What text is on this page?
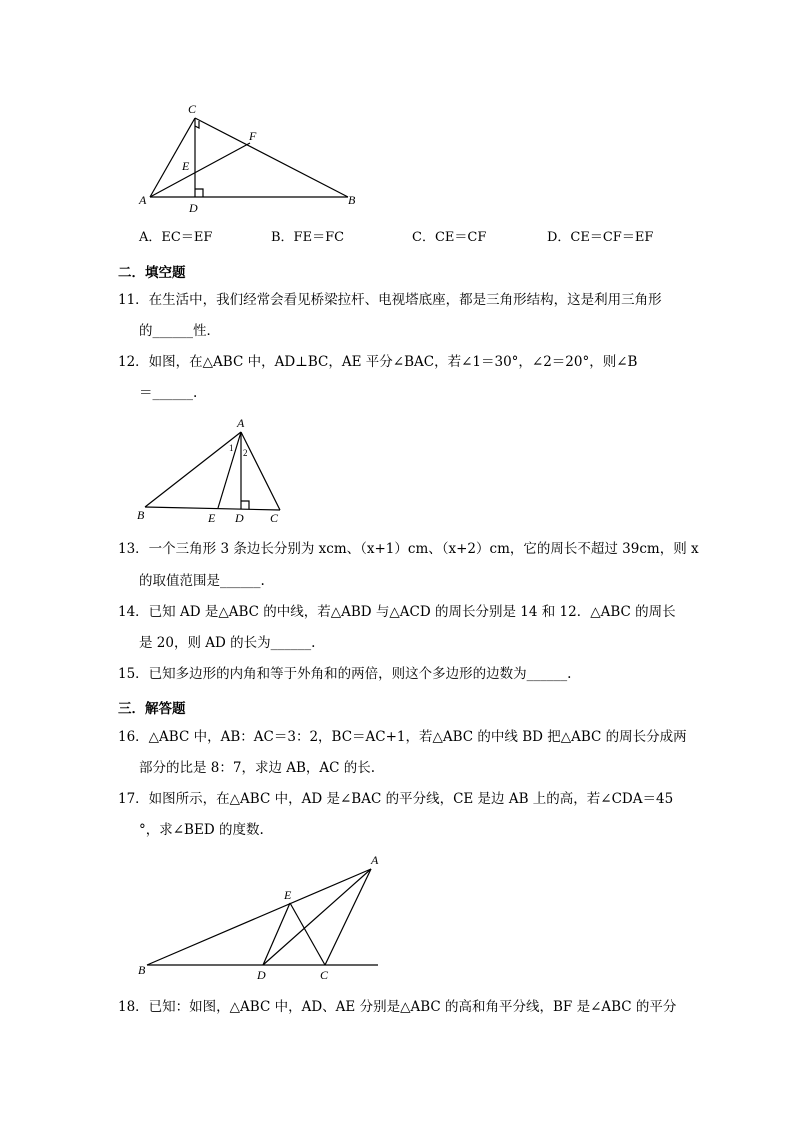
C
F
E
A
D
B
A．EC＝EF	B．FE＝FC	C．CE＝CF	D．CE＝CF＝EF
二．填空题
11．在生活中，我们经常会看见桥梁拉杆、电视塔底座，都是三角形结构，这是利用三角形
的______性．
12．如图，在△ABC 中，AD⊥BC，AE 平分∠BAC，若∠1＝30°，∠2＝20°，则∠B
＝______.
A
1 2
B	E D C
13．一个三角形 3 条边长分别为 xcm、（x+1）cm、（x+2）cm，它的周长不超过 39cm，则 x
的取值范围是______.
14．已知 AD 是△ABC 的中线，若△ABD 与△ACD 的周长分别是 14 和 12．△ABC 的周长
是 20，则 AD 的长为______.
15．已知多边形的内角和等于外角和的两倍，则这个多边形的边数为______.
三．解答题
16．△ABC 中，AB：AC＝3：2，BC＝AC+1，若△ABC 的中线 BD 把△ABC 的周长分成两
部分的比是 8：7，求边 AB，AC 的长.
17．如图所示，在△ABC 中，AD 是∠BAC 的平分线，CE 是边 AB 上的高，若∠CDA＝45
°，求∠BED 的度数.
A
E
B	D	C
18．已知：如图，△ABC 中，AD、AE 分别是△ABC 的高和角平分线，BF 是∠ABC 的平分
